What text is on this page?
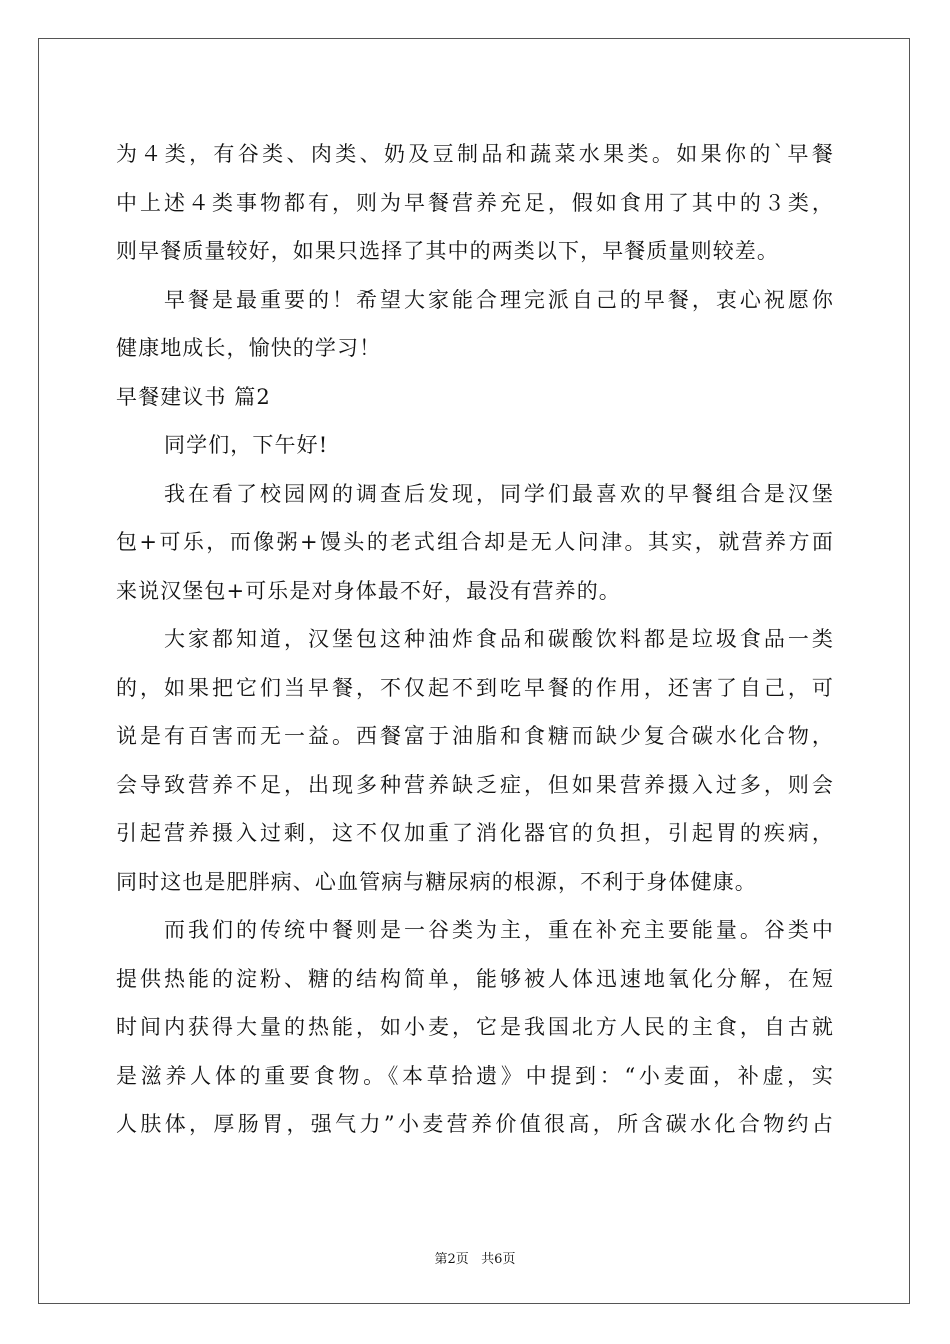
为４类，有谷类、肉类、奶及豆制品和蔬菜水果类。如果你的`早餐
中上述４类事物都有，则为早餐营养充足，假如食用了其中的３类，
则早餐质量较好，如果只选择了其中的两类以下，早餐质量则较差。
早餐是最重要的！希望大家能合理完派自己的早餐，衷心祝愿你
健康地成长，愉快的学习！
早餐建议书 篇2
同学们，下午好!
我在看了校园网的调查后发现，同学们最喜欢的早餐组合是汉堡
包+可乐，而像粥+馒头的老式组合却是无人问津。其实，就营养方面
来说汉堡包+可乐是对身体最不好，最没有营养的。
大家都知道，汉堡包这种油炸食品和碳酸饮料都是垃圾食品一类
的，如果把它们当早餐，不仅起不到吃早餐的作用，还害了自己，可
说是有百害而无一益。西餐富于油脂和食糖而缺少复合碳水化合物，
会导致营养不足，出现多种营养缺乏症，但如果营养摄入过多，则会
引起营养摄入过剩，这不仅加重了消化器官的负担，引起胃的疾病，
同时这也是肥胖病、心血管病与糖尿病的根源，不利于身体健康。
而我们的传统中餐则是一谷类为主，重在补充主要能量。谷类中
提供热能的淀粉、糖的结构简单，能够被人体迅速地氧化分解，在短
时间内获得大量的热能，如小麦，它是我国北方人民的主食，自古就
是滋养人体的重要食物。《本草拾遗》中提到：“小麦面，补虚，实
人肤体，厚肠胃，强气力”小麦营养价值很高，所含碳水化合物约占
第2页   共6页
